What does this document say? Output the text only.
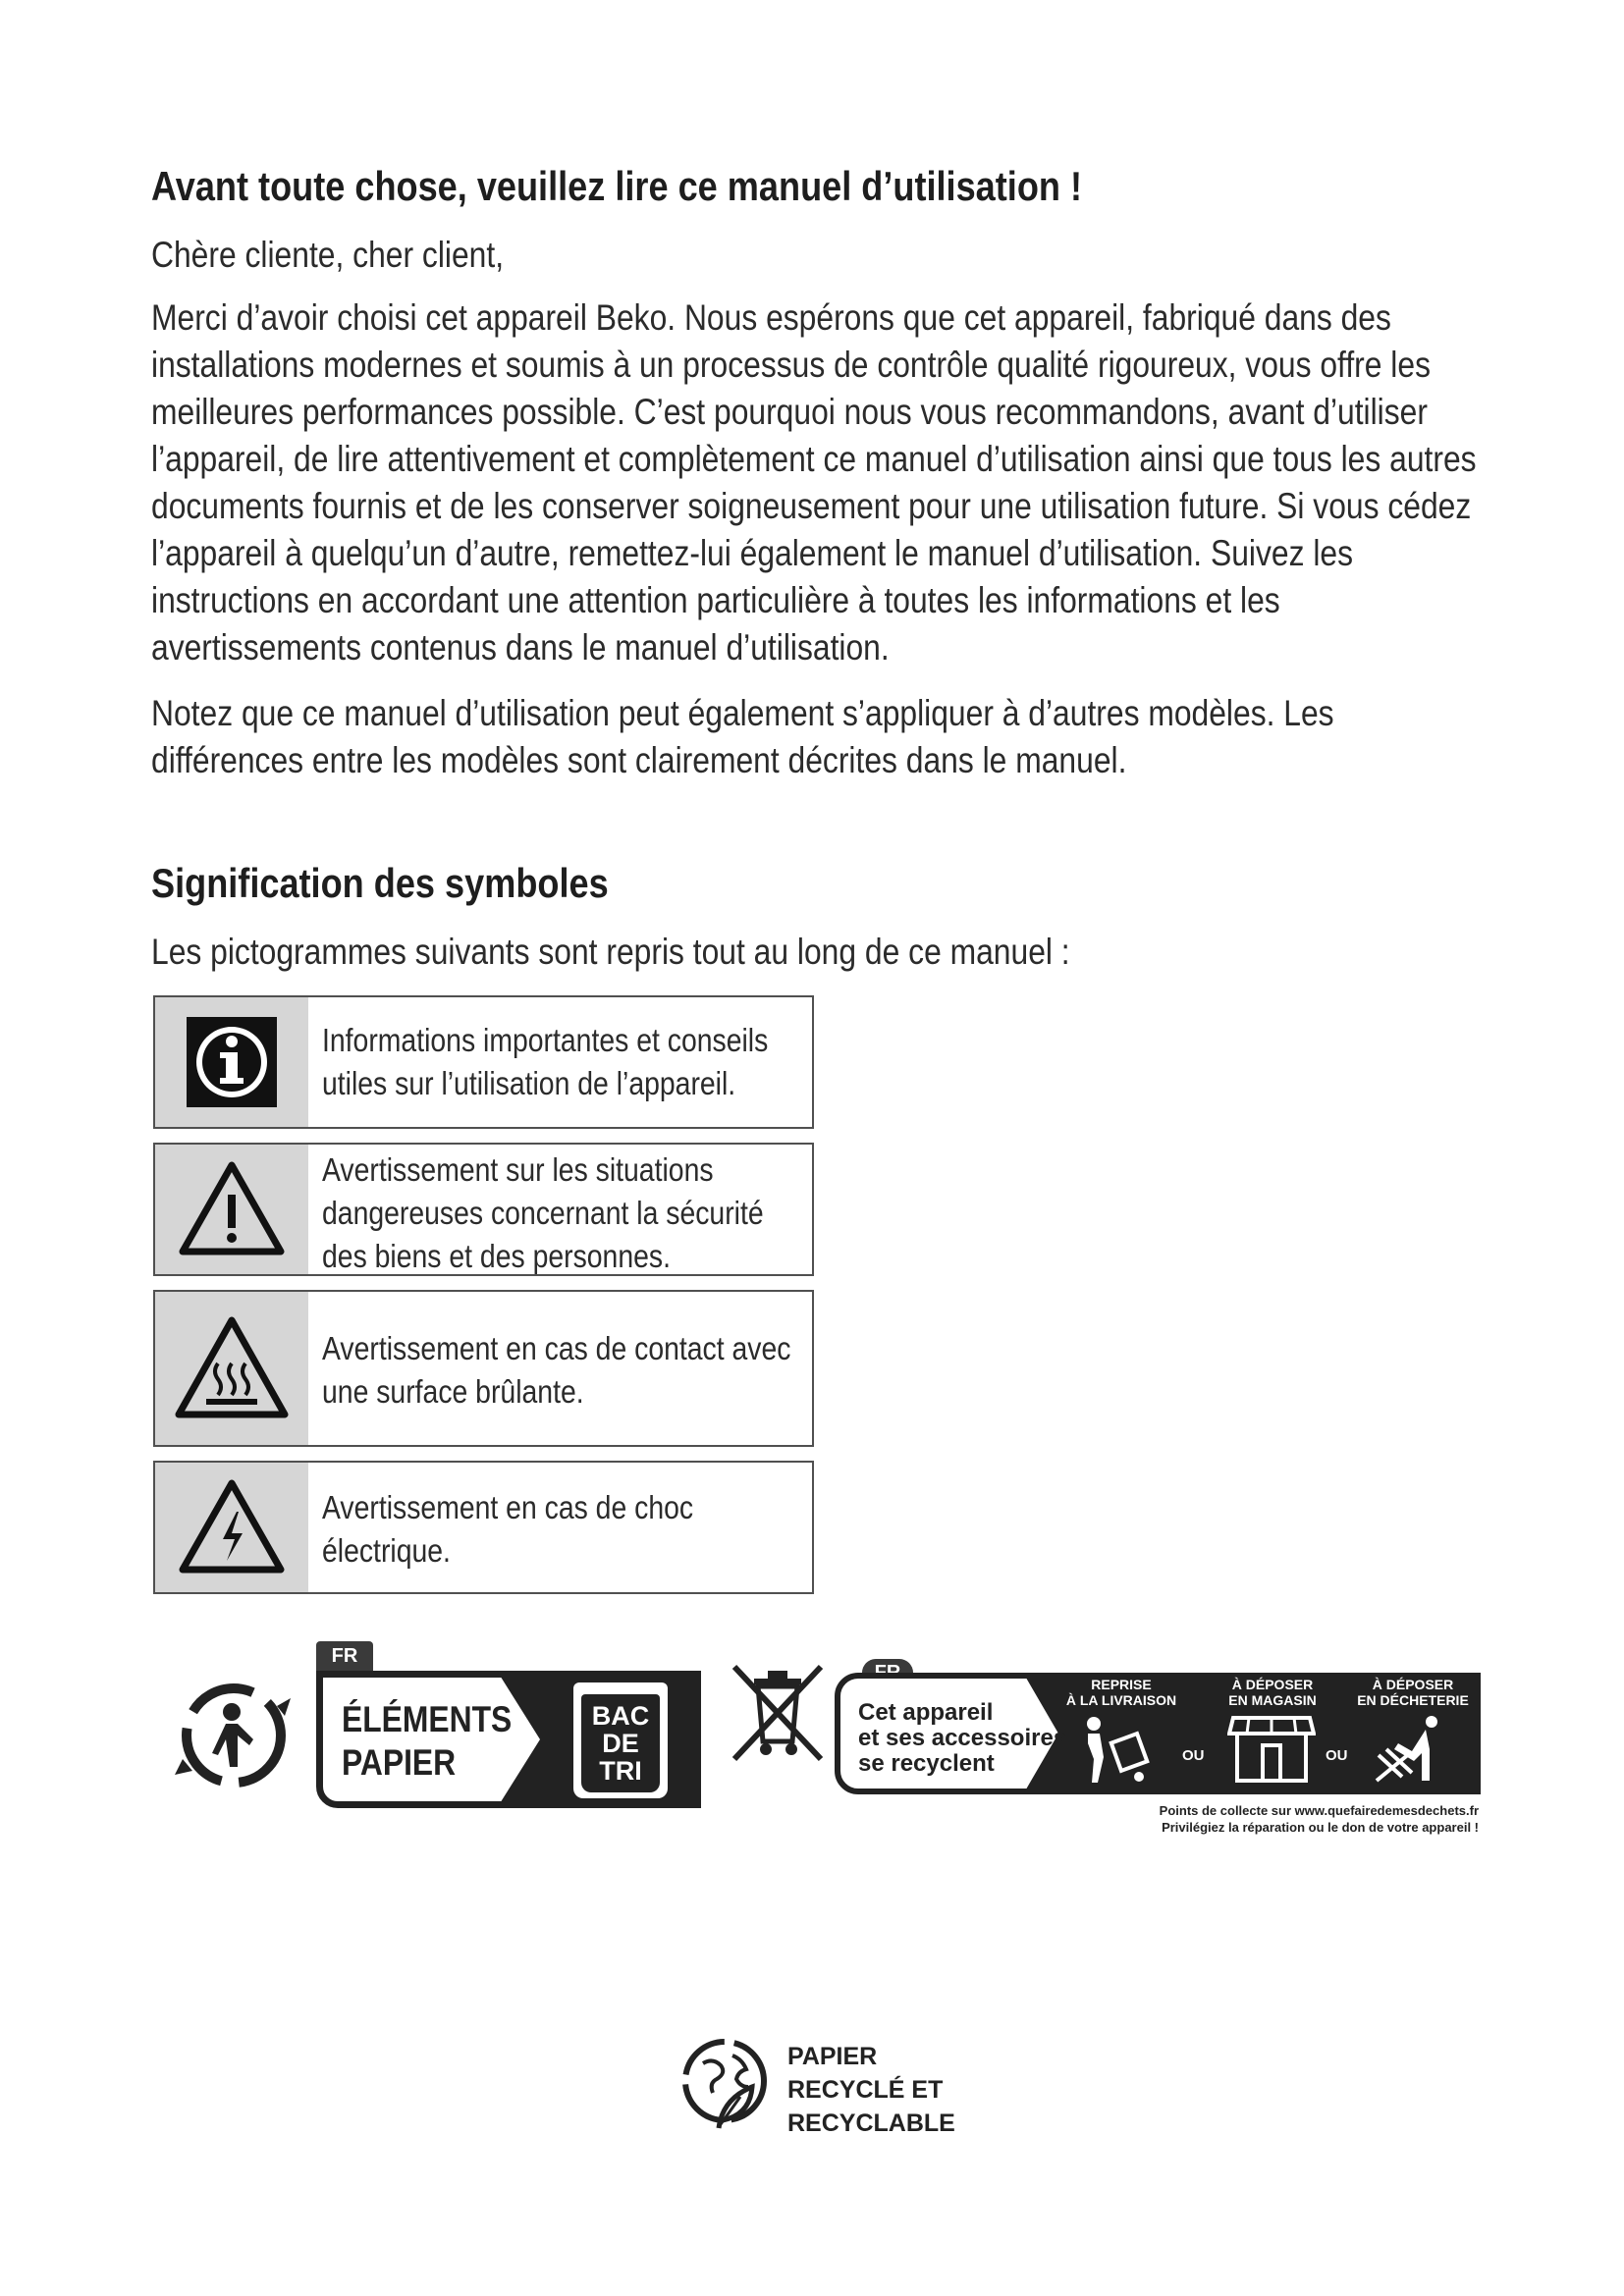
Avant toute chose, veuillez lire ce manuel d’utilisation !

Chère cliente, cher client,

Merci d’avoir choisi cet appareil Beko. Nous espérons que cet appareil, fabriqué dans des installations modernes et soumis à un processus de contrôle qualité rigoureux, vous offre les meilleures performances possible. C’est pourquoi nous vous recommandons, avant d’utiliser l’appareil, de lire attentivement et complètement ce manuel d’utilisation ainsi que tous les autres documents fournis et de les conserver soigneusement pour une utilisation future. Si vous cédez l’appareil à quelqu’un d’autre, remettez-lui également le manuel d’utilisation. Suivez les instructions en accordant une attention particulière à toutes les informations et les avertissements contenus dans le manuel d’utilisation.

Notez que ce manuel d’utilisation peut également s’appliquer à d’autres modèles. Les différences entre les modèles sont clairement décrites dans le manuel.

Signification des symboles

Les pictogrammes suivants sont repris tout au long de ce manuel :

Informations importantes et conseils utiles sur l’utilisation de l’appareil.
Avertissement sur les situations dangereuses concernant la sécurité des biens et des personnes.
Avertissement en cas de contact avec une surface brûlante.
Avertissement en cas de choc électrique.
FR
ÉLÉMENTS
PAPIER
BAC
DE
TRI
Cet appareil
et ses accessoires
se recyclent
REPRISE
À LA LIVRAISON
À DÉPOSER
EN MAGASIN
À DÉPOSER
EN DÉCHETERIE
OU	OU
Points de collecte sur www.quefairedemesdechets.fr
Privilégiez la réparation ou le don de votre appareil !
PAPIER
RECYCLÉ ET
RECYCLABLE
